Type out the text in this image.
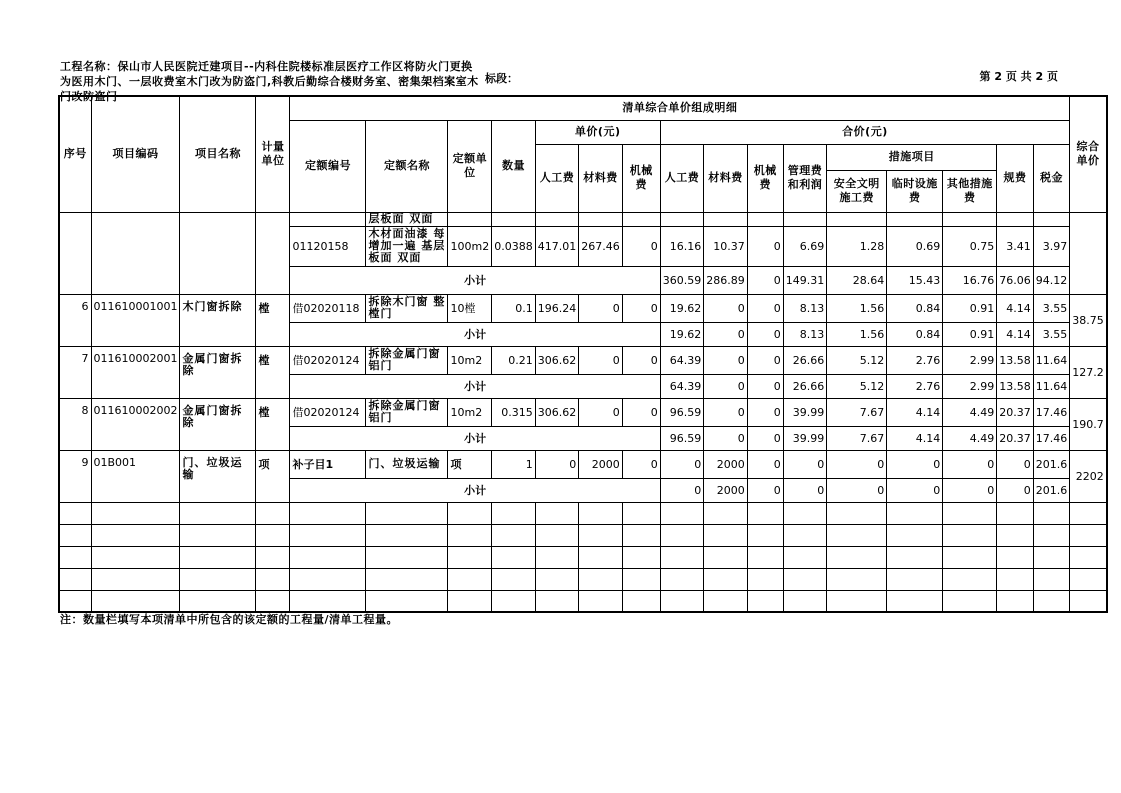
工程名称：保山市人民医院迁建项目--内科住院楼标准层医疗工作区将防火门更换为医用木门、一层收费室木门改为防盗门,科教后勤综合楼财务室、密集架档案室木门改防盗门
标段：	第 2 页 共 2 页
序号	项目编码	项目名称	计量单位	清单综合单价组成明细																综合单价
				定额编号	定额名称	定额单位	数量	单价(元)			合价(元)									
								人工费	材料费	机械费	人工费	材料费	机械费	管理费和利润	措施项目			规费	税金	
															安全文明施工费	临时设施费	其他措施费			
					层板面 双面															
				01120158	木材面油漆 每增加一遍 基层板面 双面	100m2	0.0388	417.01	267.46	0	16.16	10.37	0	6.69	1.28	0.69	0.75	3.41	3.97	
				小计							360.59	286.89	0	149.31	28.64	15.43	16.76	76.06	94.12	
6	011610001001	木门窗拆除	樘	借02020118	拆除木门窗 整樘门	10樘	0.1	196.24	0	0	19.62	0	0	8.13	1.56	0.84	0.91	4.14	3.55	38.75
				小计							19.62	0	0	8.13	1.56	0.84	0.91	4.14	3.55	
7	011610002001	金属门窗拆除	樘	借02020124	拆除金属门窗 铝门	10m2	0.21	306.62	0	0	64.39	0	0	26.66	5.12	2.76	2.99	13.58	11.64	127.2
				小计							64.39	0	0	26.66	5.12	2.76	2.99	13.58	11.64	
8	011610002002	金属门窗拆除	樘	借02020124	拆除金属门窗 铝门	10m2	0.315	306.62	0	0	96.59	0	0	39.99	7.67	4.14	4.49	20.37	17.46	190.7
				小计							96.59	0	0	39.99	7.67	4.14	4.49	20.37	17.46	
9	01B001	门、垃圾运输	项	补子目1	门、垃圾运输	项	1	0	2000	0	0	2000	0	0	0	0	0	0	201.6	2202
				小计							0	2000	0	0	0	0	0	0	201.6	

注：数量栏填写本项清单中所包含的该定额的工程量/清单工程量。
